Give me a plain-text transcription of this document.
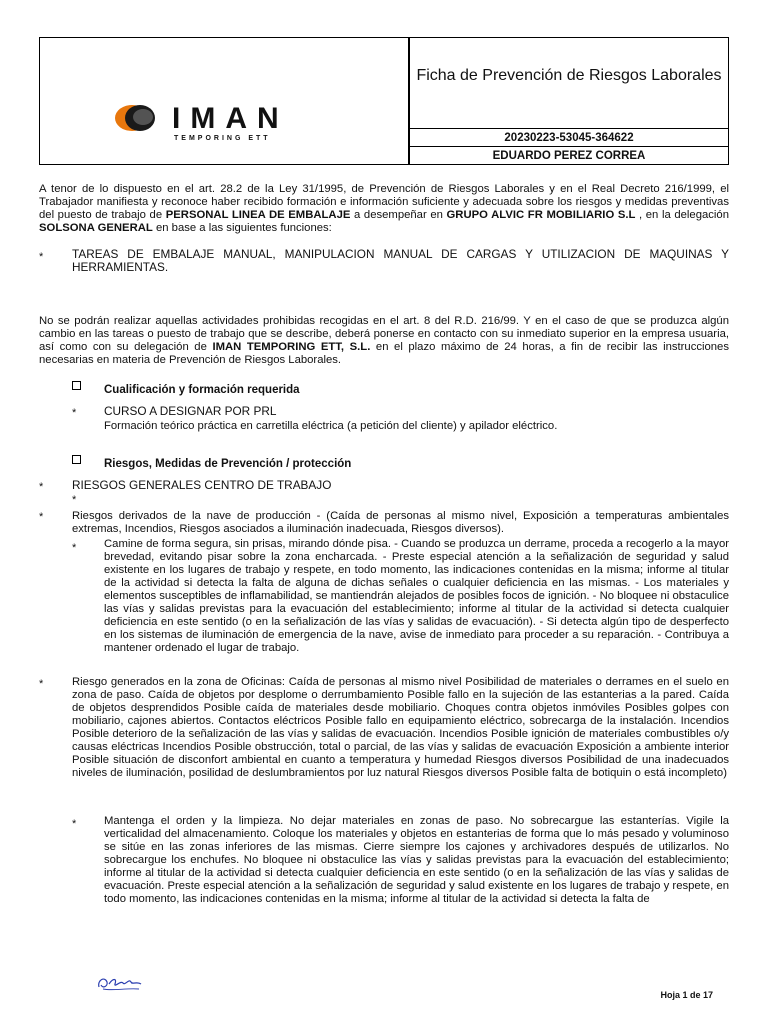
IMAN
TEMPORING ETT
Ficha de Prevención de Riesgos Laborales
20230223-53045-364622
EDUARDO PEREZ CORREA
A tenor de lo dispuesto en el art. 28.2 de la Ley 31/1995, de Prevención de Riesgos Laborales y en el Real Decreto 216/1999, el Trabajador manifiesta y reconoce haber recibido formación e información suficiente y adecuada sobre los riesgos y medidas preventivas del puesto de trabajo de PERSONAL LINEA DE EMBALAJE a desempeñar en GRUPO ALVIC FR MOBILIARIO S.L , en la delegación SOLSONA GENERAL en base a las siguientes funciones:
* TAREAS DE EMBALAJE MANUAL, MANIPULACION MANUAL DE CARGAS Y UTILIZACION DE MAQUINAS Y HERRAMIENTAS.
No se podrán realizar aquellas actividades prohibidas recogidas en el art. 8 del R.D. 216/99. Y en el caso de que se produzca algún cambio en las tareas o puesto de trabajo que se describe, deberá ponerse en contacto con su inmediato superior en la empresa usuaria, así como con su delegación de IMAN TEMPORING ETT, S.L. en el plazo máximo de 24 horas, a fin de recibir las instrucciones necesarias en materia de Prevención de Riesgos Laborales.
Cualificación y formación requerida
* CURSO A DESIGNAR POR PRL
Formación teórico práctica en carretilla eléctrica (a petición del cliente) y apilador eléctrico.
Riesgos, Medidas de Prevención / protección
* RIESGOS GENERALES CENTRO DE TRABAJO
*
*	Riesgos derivados de la nave de producción - (Caída de personas al mismo nivel, Exposición a temperaturas ambientales extremas, Incendios, Riesgos asociados a iluminación inadecuada, Riesgos diversos).
* Camine de forma segura, sin prisas, mirando dónde pisa. - Cuando se produzca un derrame, proceda a recogerlo a la mayor brevedad, evitando pisar sobre la zona encharcada. - Preste especial atención a la señalización de seguridad y salud existente en los lugares de trabajo y respete, en todo momento, las indicaciones contenidas en la misma; informe al titular de la actividad si detecta la falta de alguna de dichas señales o cualquier deficiencia en las mismas. - Los materiales y elementos susceptibles de inflamabilidad, se mantiendrán alejados de posibles focos de ignición. - No bloquee ni obstaculice las vías y salidas previstas para la evacuación del establecimiento; informe al titular de la actividad si detecta cualquier deficiencia en este sentido (o en la señalización de las vías y salidas de evacuación). - Si detecta algún tipo de desperfecto en los sistemas de iluminación de emergencia de la nave, avise de inmediato para proceder a su reparación. - Contribuya a mantener ordenado el lugar de trabajo.
*	Riesgo generados en la zona de Oficinas: Caída de personas al mismo nivel Posibilidad de materiales o derrames en el suelo en zona de paso. Caída de objetos por desplome o derrumbamiento Posible fallo en la sujeción de las estanterias a la pared. Caída de objetos desprendidos Posible caída de materiales desde mobiliario. Choques contra objetos inmóviles Posibles golpes con mobiliario, cajones abiertos. Contactos eléctricos Posible fallo en equipamiento eléctrico, sobrecarga de la instalación. Incendios Posible deterioro de la señalización de las vías y salidas de evacuación. Incendios Posible ignición de materiales combustibles o/y causas eléctricas Incendios Posible obstrucción, total o parcial, de las vías y salidas de evacuación Exposición a ambiente interior Posible situación de disconfort ambiental en cuanto a temperatura y humedad Riesgos diversos Posibilidad de una inadecuados niveles de iluminación, posilidad de deslumbramientos por luz natural Riesgos diversos Posible falta de botiquin o está incompleto)
* Mantenga el orden y la limpieza. No dejar materiales en zonas de paso. No sobrecargue las estanterías. Vigile la verticalidad del almacenamiento. Coloque los materiales y objetos en estanterias de forma que lo más pesado y voluminoso se sitúe en las zonas inferiores de las mismas. Cierre siempre los cajones y archivadores después de utilizarlos. No sobrecargue los enchufes. No bloquee ni obstaculice las vías y salidas previstas para la evacuación del establecimiento; informe al titular de la actividad si detecta cualquier deficiencia en este sentido (o en la señalización de las vías y salidas de evacuación. Preste especial atención a la señalización de seguridad y salud existente en los lugares de trabajo y respete, en todo momento, las indicaciones contenidas en la misma; informe al titular de la actividad si detecta la falta de
Hoja 1 de 17
